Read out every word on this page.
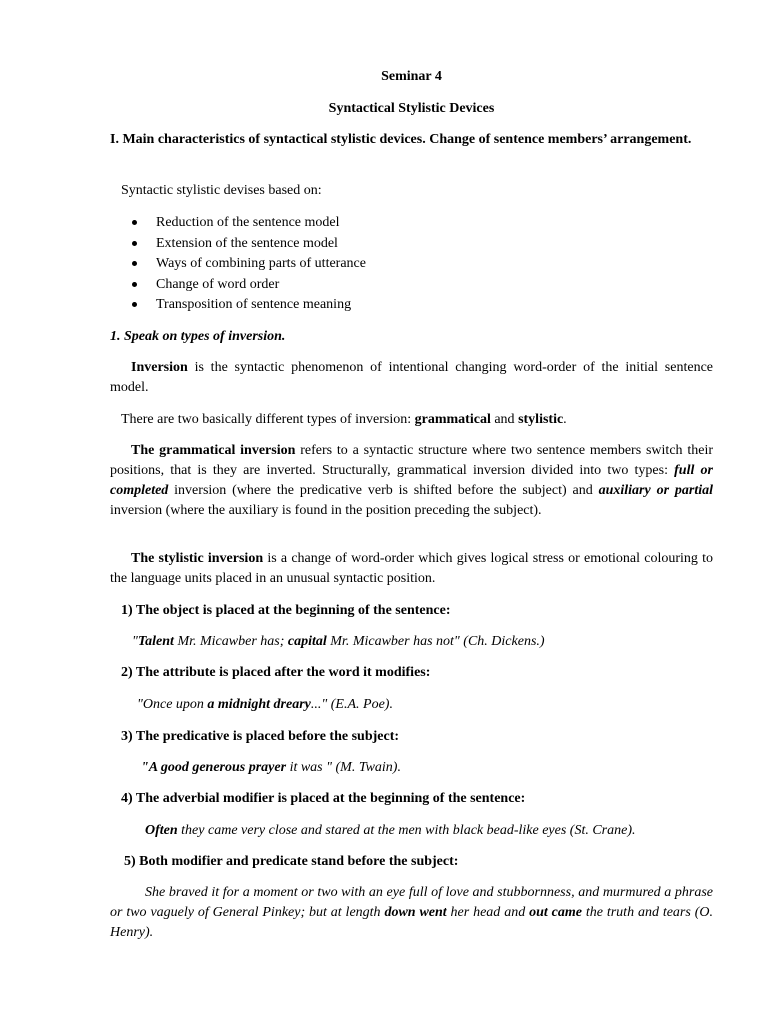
Seminar 4
Syntactical Stylistic Devices
I. Main characteristics of syntactical stylistic devices. Change of sentence members’ arrangement.
Syntactic stylistic devises based on:
Reduction of the sentence model
Extension of the sentence model
Ways of combining parts of utterance
Change of word order
Transposition of sentence meaning
1. Speak on types of inversion.

Inversion is the syntactic phenomenon of intentional changing word-order of the initial sentence model.

There are two basically different types of inversion: grammatical and stylistic.

The grammatical inversion refers to a syntactic structure where two sentence members switch their positions, that is they are inverted. Structurally, grammatical inversion divided into two types: full or completed inversion (where the predicative verb is shifted before the subject) and auxiliary or partial inversion (where the auxiliary is found in the position preceding the subject).

The stylistic inversion is a change of word-order which gives logical stress or emotional colouring to the language units placed in an unusual syntactic position.

1) The object is placed at the beginning of the sentence:
"Talent Mr. Micawber has; capital Mr. Micawber has not" (Ch. Dickens.)
2) The attribute is placed after the word it modifies:
"Once upon a midnight dreary..." (E.A. Poe).
3) The predicative is placed before the subject:
"A good generous prayer it was " (M. Twain).
4) The adverbial modifier is placed at the beginning of the sentence:
Often they came very close and stared at the men with black bead-like eyes (St. Crane).
5) Both modifier and predicate stand before the subject:
She braved it for a moment or two with an eye full of love and stubbornness, and murmured a phrase or two vaguely of General Pinkey; but at length down went her head and out came the truth and tears (O. Henry).
